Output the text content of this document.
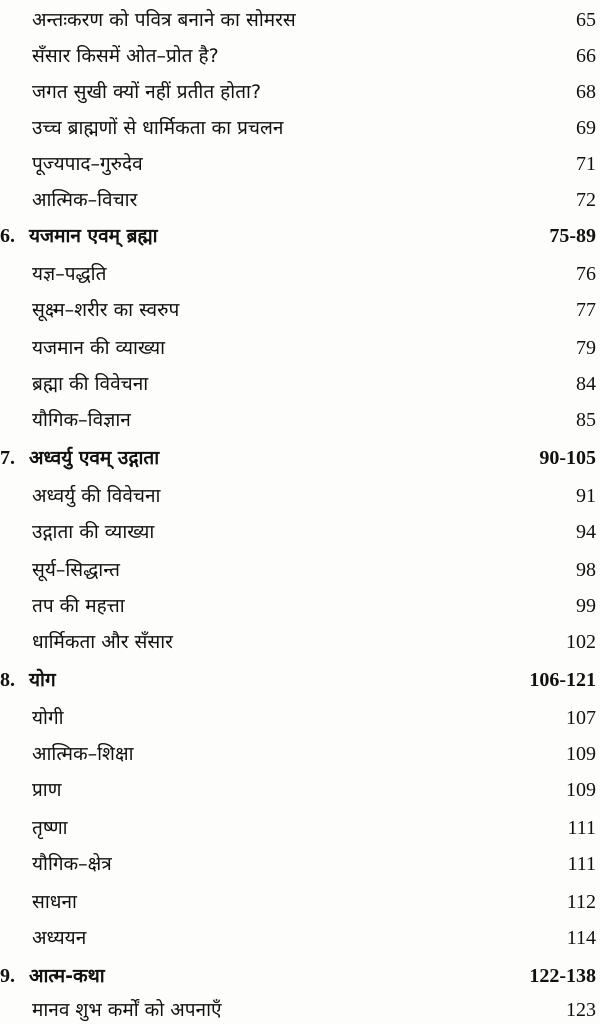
अन्तःकरण को पवित्र बनाने का सोमरस	65
सँसार किसमें ओत–प्रोत है?	66
जगत सुखी क्यों नहीं प्रतीत होता?	68
उच्च ब्राह्मणों से धार्मिकता का प्रचलन	69
पूज्यपाद–गुरुदेव	71
आत्मिक–विचार	72
6. यजमान एवम् ब्रह्मा	75-89
यज्ञ–पद्धति	76
सूक्ष्म–शरीर का स्वरुप	77
यजमान की व्याख्या	79
ब्रह्मा की विवेचना	84
यौगिक–विज्ञान	85
7. अध्वर्यु एवम् उद्गाता	90-105
अध्वर्यु की विवेचना	91
उद्गाता की व्याख्या	94
सूर्य–सिद्धान्त	98
तप की महत्ता	99
धार्मिकता और सँसार	102
8. योग	106-121
योगी	107
आत्मिक–शिक्षा	109
प्राण	109
तृष्णा	111
यौगिक–क्षेत्र	111
साधना	112
अध्ययन	114
9. आत्म-कथा	122-138
मानव शुभ कर्मों को अपनाएँ	123
